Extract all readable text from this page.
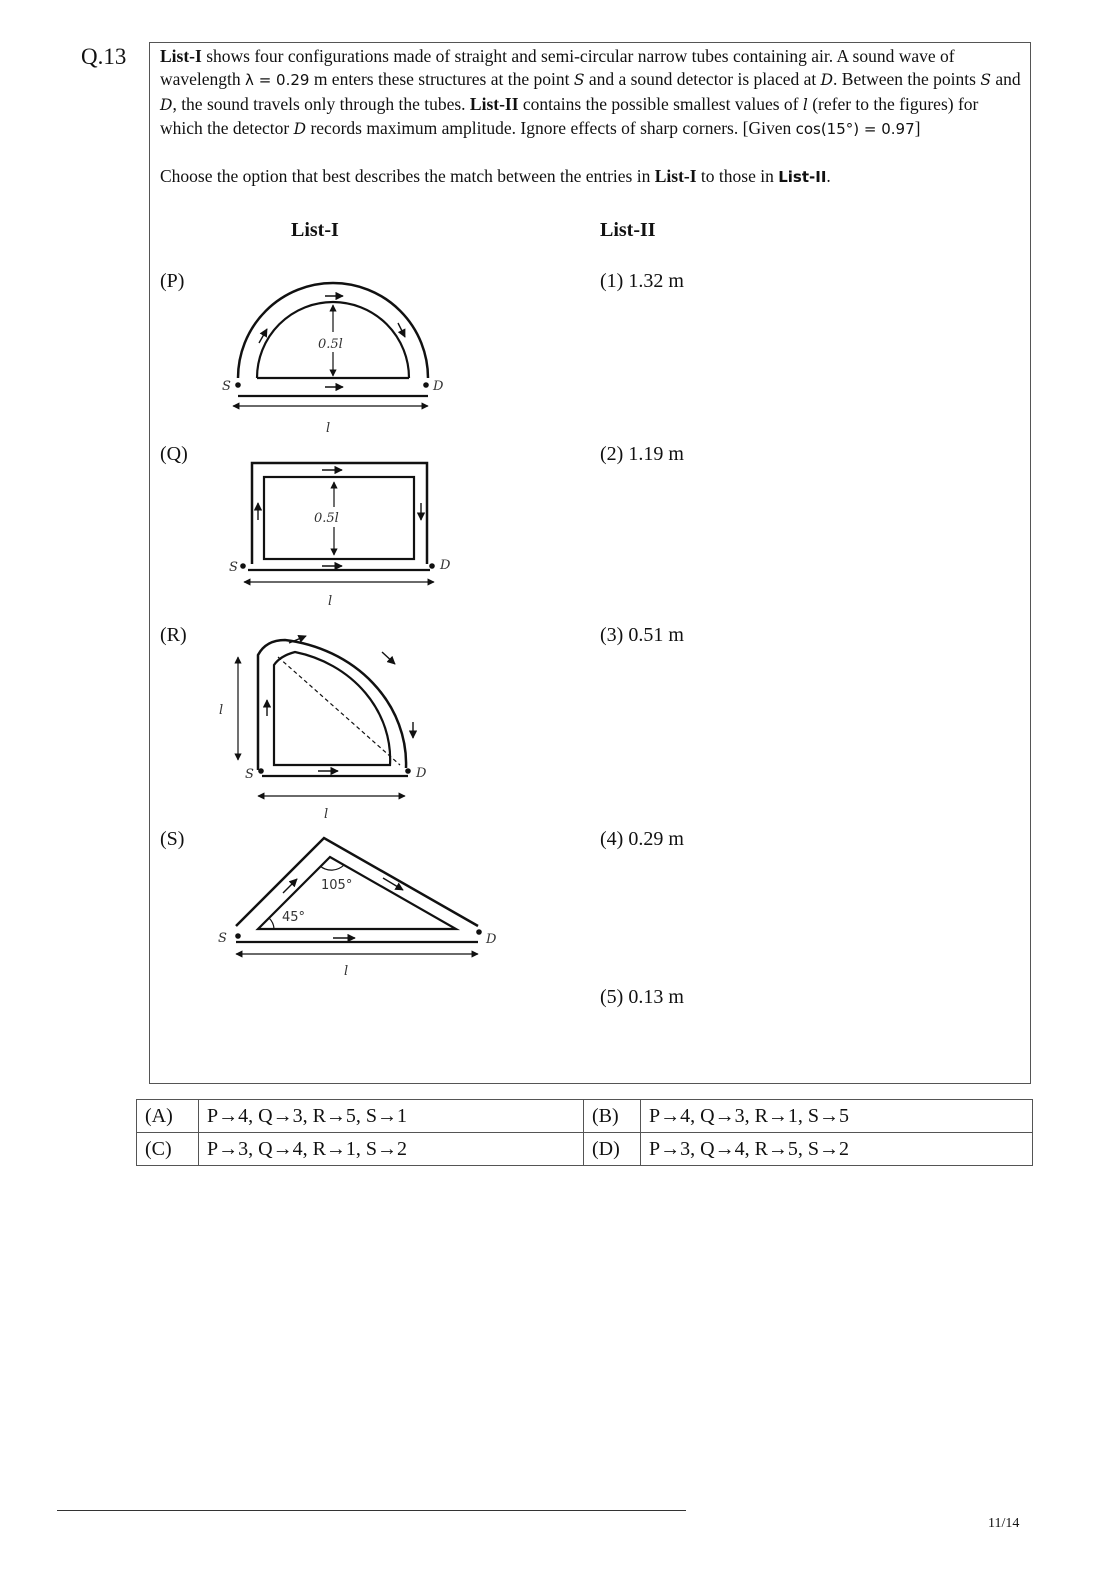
Q.13 List-I shows four configurations made of straight and semi-circular narrow tubes containing air. A sound wave of wavelength λ = 0.29 m enters these structures at the point S and a sound detector is placed at D. Between the points S and D, the sound travels only through the tubes. List-II contains the possible smallest values of l (refer to the figures) for which the detector D records maximum amplitude. Ignore effects of sharp corners. [Given cos(15°) = 0.97]

Choose the option that best describes the match between the entries in List-I to those in List-II.
List-I	List-II
(P)
(Q)
(R)
(S)
(1) 1.32 m
(2) 1.19 m
(3) 0.51 m
(4) 0.29 m
(5) 0.13 m
0.5l
l
S	D
0.5l
l
S	D
l
l
S	D
l
S	D
105°
45°
(A)	P→4, Q→3, R→5, S→1	(B)	P→4, Q→3, R→1, S→5
(C)	P→3, Q→4, R→1, S→2	(D)	P→3, Q→4, R→5, S→2
11/14
